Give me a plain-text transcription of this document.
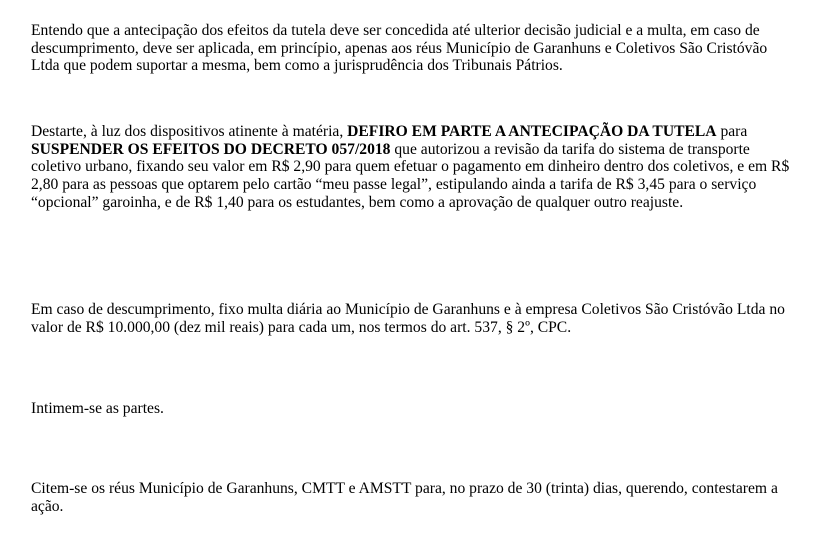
Entendo que a antecipação dos efeitos da tutela deve ser concedida até ulterior decisão judicial e a multa, em caso de descumprimento, deve ser aplicada, em princípio, apenas aos réus Município de Garanhuns e Coletivos São Cristóvão Ltda que podem suportar a mesma, bem como a jurisprudência dos Tribunais Pátrios.

Destarte, à luz dos dispositivos atinente à matéria, DEFIRO EM PARTE A ANTECIPAÇÃO DA TUTELA para SUSPENDER OS EFEITOS DO DECRETO 057/2018 que autorizou a revisão da tarifa do sistema de transporte coletivo urbano, fixando seu valor em R$ 2,90 para quem efetuar o pagamento em dinheiro dentro dos coletivos, e em R$ 2,80 para as pessoas que optarem pelo cartão “meu passe legal”, estipulando ainda a tarifa de R$ 3,45 para o serviço “opcional” garoinha, e de R$ 1,40 para os estudantes, bem como a aprovação de qualquer outro reajuste.

Em caso de descumprimento, fixo multa diária ao Município de Garanhuns e à empresa Coletivos São Cristóvão Ltda no valor de R$ 10.000,00 (dez mil reais) para cada um, nos termos do art. 537, § 2º, CPC.

Intimem-se as partes.

Citem-se os réus Município de Garanhuns, CMTT e AMSTT para, no prazo de 30 (trinta) dias, querendo, contestarem a ação.
